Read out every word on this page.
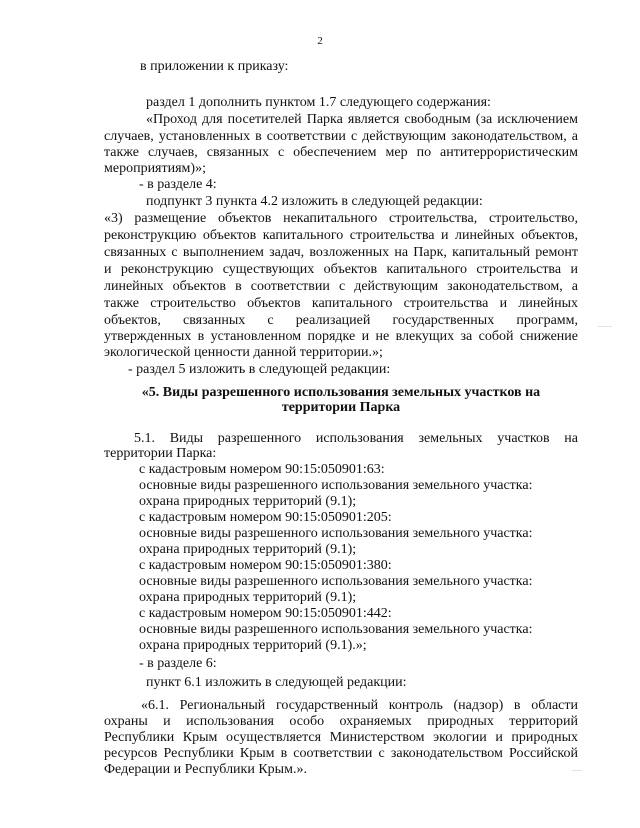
2
в приложении к приказу:
раздел 1 дополнить пунктом 1.7 следующего содержания:
«Проход для посетителей Парка является свободным (за исключением
случаев, установленных в соответствии с действующим законодательством, а
также случаев, связанных с обеспечением мер по антитеррористическим
мероприятиям)»;
- в разделе 4:
подпункт 3 пункта 4.2 изложить в следующей редакции:
«3) размещение объектов некапитального строительства, строительство,
реконструкцию объектов капитального строительства и линейных объектов,
связанных с выполнением задач, возложенных на Парк, капитальный ремонт
и реконструкцию существующих объектов капитального строительства и
линейных объектов в соответствии с действующим законодательством, а
также строительство объектов капитального строительства и линейных
объектов, связанных с реализацией государственных программ,
утвержденных в установленном порядке и не влекущих за собой снижение
экологической ценности данной территории.»;
- раздел 5 изложить в следующей редакции:
«5. Виды разрешенного использования земельных участков на
территории Парка
5.1. Виды разрешенного использования земельных участков на
территории Парка:
с кадастровым номером 90:15:050901:63:
основные виды разрешенного использования земельного участка:
охрана природных территорий (9.1);
с кадастровым номером 90:15:050901:205:
основные виды разрешенного использования земельного участка:
охрана природных территорий (9.1);
с кадастровым номером 90:15:050901:380:
основные виды разрешенного использования земельного участка:
охрана природных территорий (9.1);
с кадастровым номером 90:15:050901:442:
основные виды разрешенного использования земельного участка:
охрана природных территорий (9.1).»;
- в разделе 6:
пункт 6.1 изложить в следующей редакции:
«6.1. Региональный государственный контроль (надзор) в области
охраны и использования особо охраняемых природных территорий
Республики Крым осуществляется Министерством экологии и природных
ресурсов Республики Крым в соответствии с законодательством Российской
Федерации и Республики Крым.».
